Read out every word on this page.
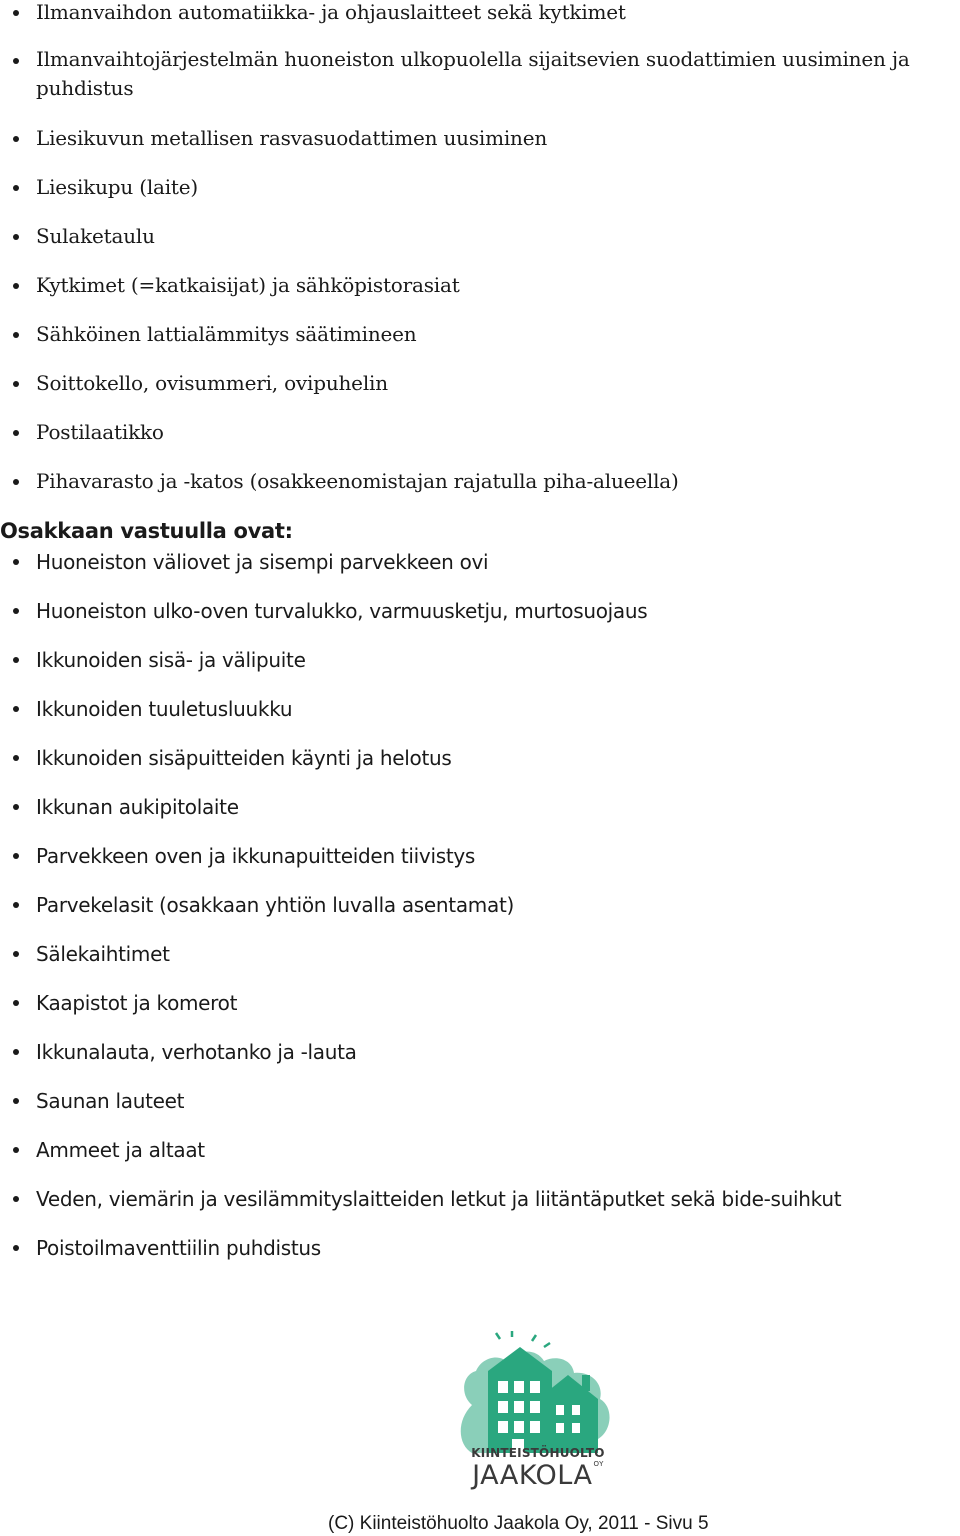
Ilmanvaihdon automatiikka- ja ohjauslaitteet sekä kytkimet
Ilmanvaihtojärjestelmän huoneiston ulkopuolella sijaitsevien suodattimien uusiminen ja puhdistus
Liesikuvun metallisen rasvasuodattimen uusiminen
Liesikupu (laite)
Sulaketaulu
Kytkimet (=katkaisijat) ja sähköpistorasiat
Sähköinen lattialämmitys säätimineen
Soittokello, ovisummeri, ovipuhelin
Postilaatikko
Pihavarasto ja -katos (osakkeenomistajan rajatulla piha-alueella)
Osakkaan vastuulla ovat:
Huoneiston väliovet ja sisempi parvekkeen ovi
Huoneiston ulko-oven turvalukko, varmuusketju, murtosuojaus
Ikkunoiden sisä- ja välipuite
Ikkunoiden tuuletusluukku
Ikkunoiden sisäpuitteiden käynti ja helotus
Ikkunan aukipitolaite
Parvekkeen oven ja ikkunapuitteiden tiivistys
Parvekelasit (osakkaan yhtiön luvalla asentamat)
Sälekaihtimet
Kaapistot ja komerot
Ikkunalauta, verhotanko ja -lauta
Saunan lauteet
Ammeet ja altaat
Veden, viemärin ja vesilämmityslaitteiden letkut ja liitäntäputket sekä bide-suihkut
Poistoilmaventtiilin puhdistus
KIINTEISTÖHUOLTO
$JAAKOLA^{OY}$
(C) Kiinteistöhuolto Jaakola Oy, 2011 - Sivu 5
